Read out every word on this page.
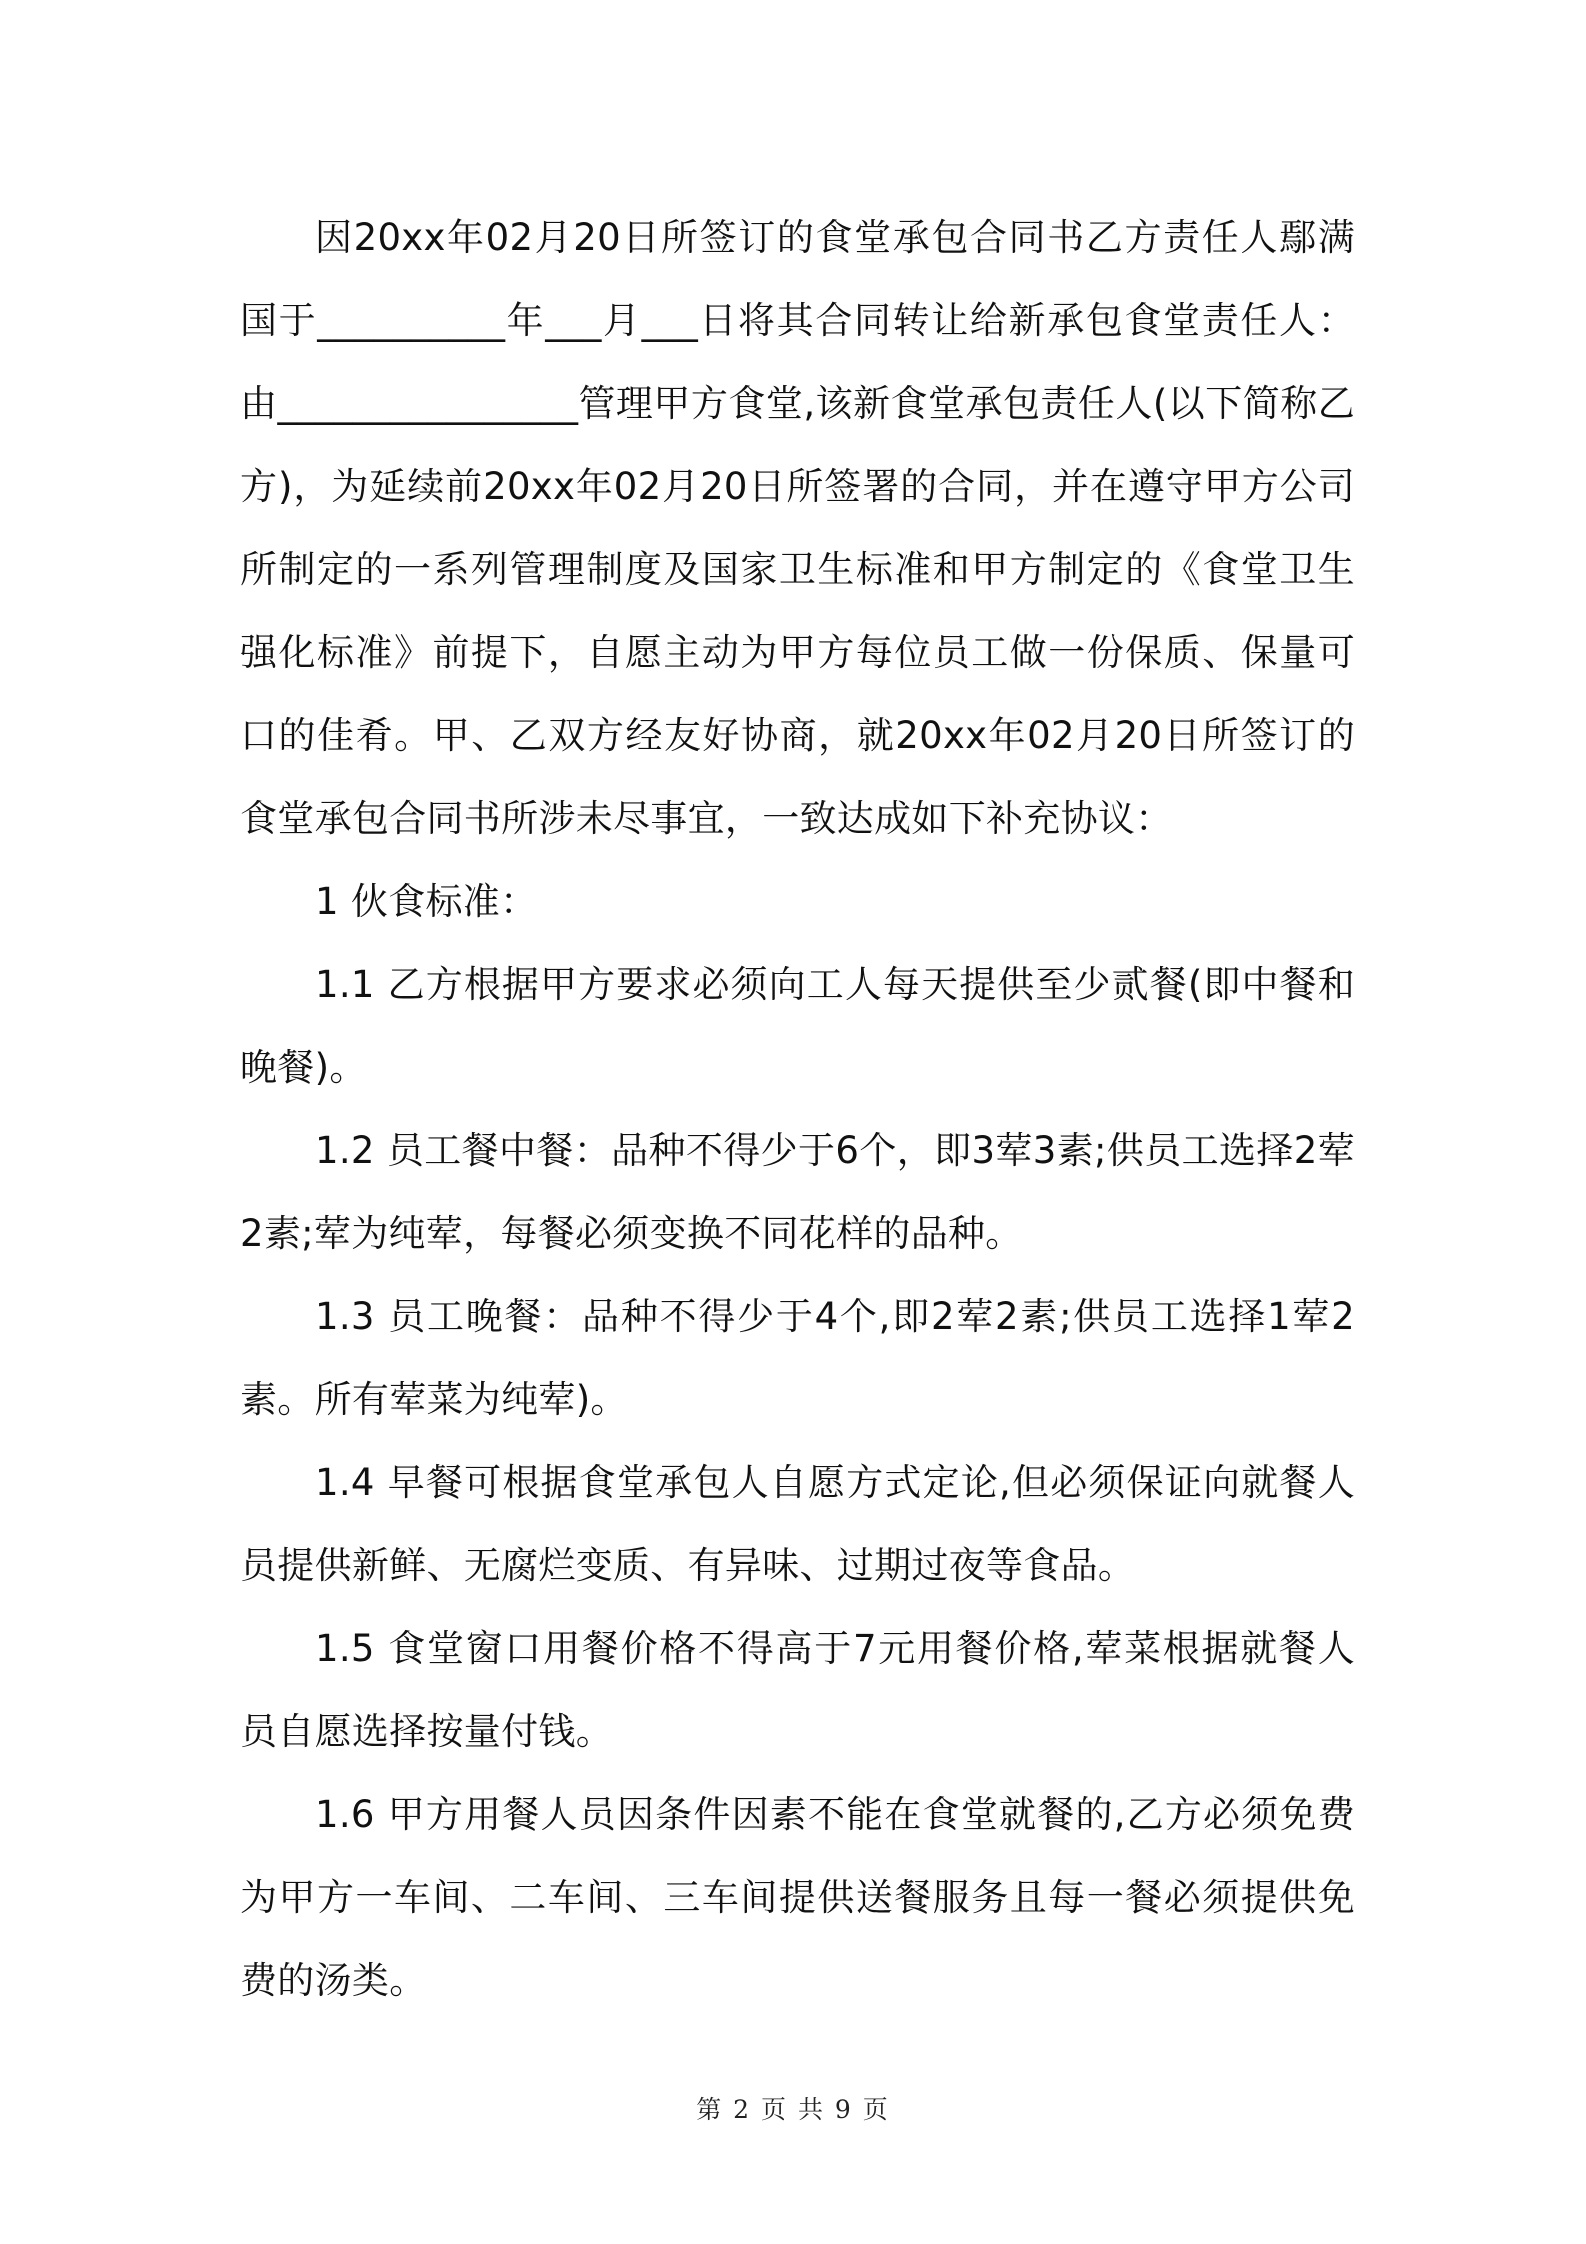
因20xx年02月20日所签订的食堂承包合同书乙方责任人鄢满国于__________年___月___日将其合同转让给新承包食堂责任人：由________________管理甲方食堂,该新食堂承包责任人(以下简称乙方)，为延续前20xx年02月20日所签署的合同，并在遵守甲方公司所制定的一系列管理制度及国家卫生标准和甲方制定的《食堂卫生强化标准》前提下，自愿主动为甲方每位员工做一份保质、保量可口的佳肴。甲、乙双方经友好协商，就20xx年02月20日所签订的食堂承包合同书所涉未尽事宜，一致达成如下补充协议：

1 伙食标准：

1.1 乙方根据甲方要求必须向工人每天提供至少贰餐(即中餐和晚餐)。

1.2 员工餐中餐：品种不得少于6个，即3荤3素;供员工选择2荤2素;荤为纯荤，每餐必须变换不同花样的品种。

1.3 员工晚餐：品种不得少于4个,即2荤2素;供员工选择1荤2素。所有荤菜为纯荤)。

1.4 早餐可根据食堂承包人自愿方式定论,但必须保证向就餐人员提供新鲜、无腐烂变质、有异味、过期过夜等食品。

1.5 食堂窗口用餐价格不得高于7元用餐价格,荤菜根据就餐人员自愿选择按量付钱。

1.6 甲方用餐人员因条件因素不能在食堂就餐的,乙方必须免费为甲方一车间、二车间、三车间提供送餐服务且每一餐必须提供免费的汤类。

第 2 页 共 9 页
